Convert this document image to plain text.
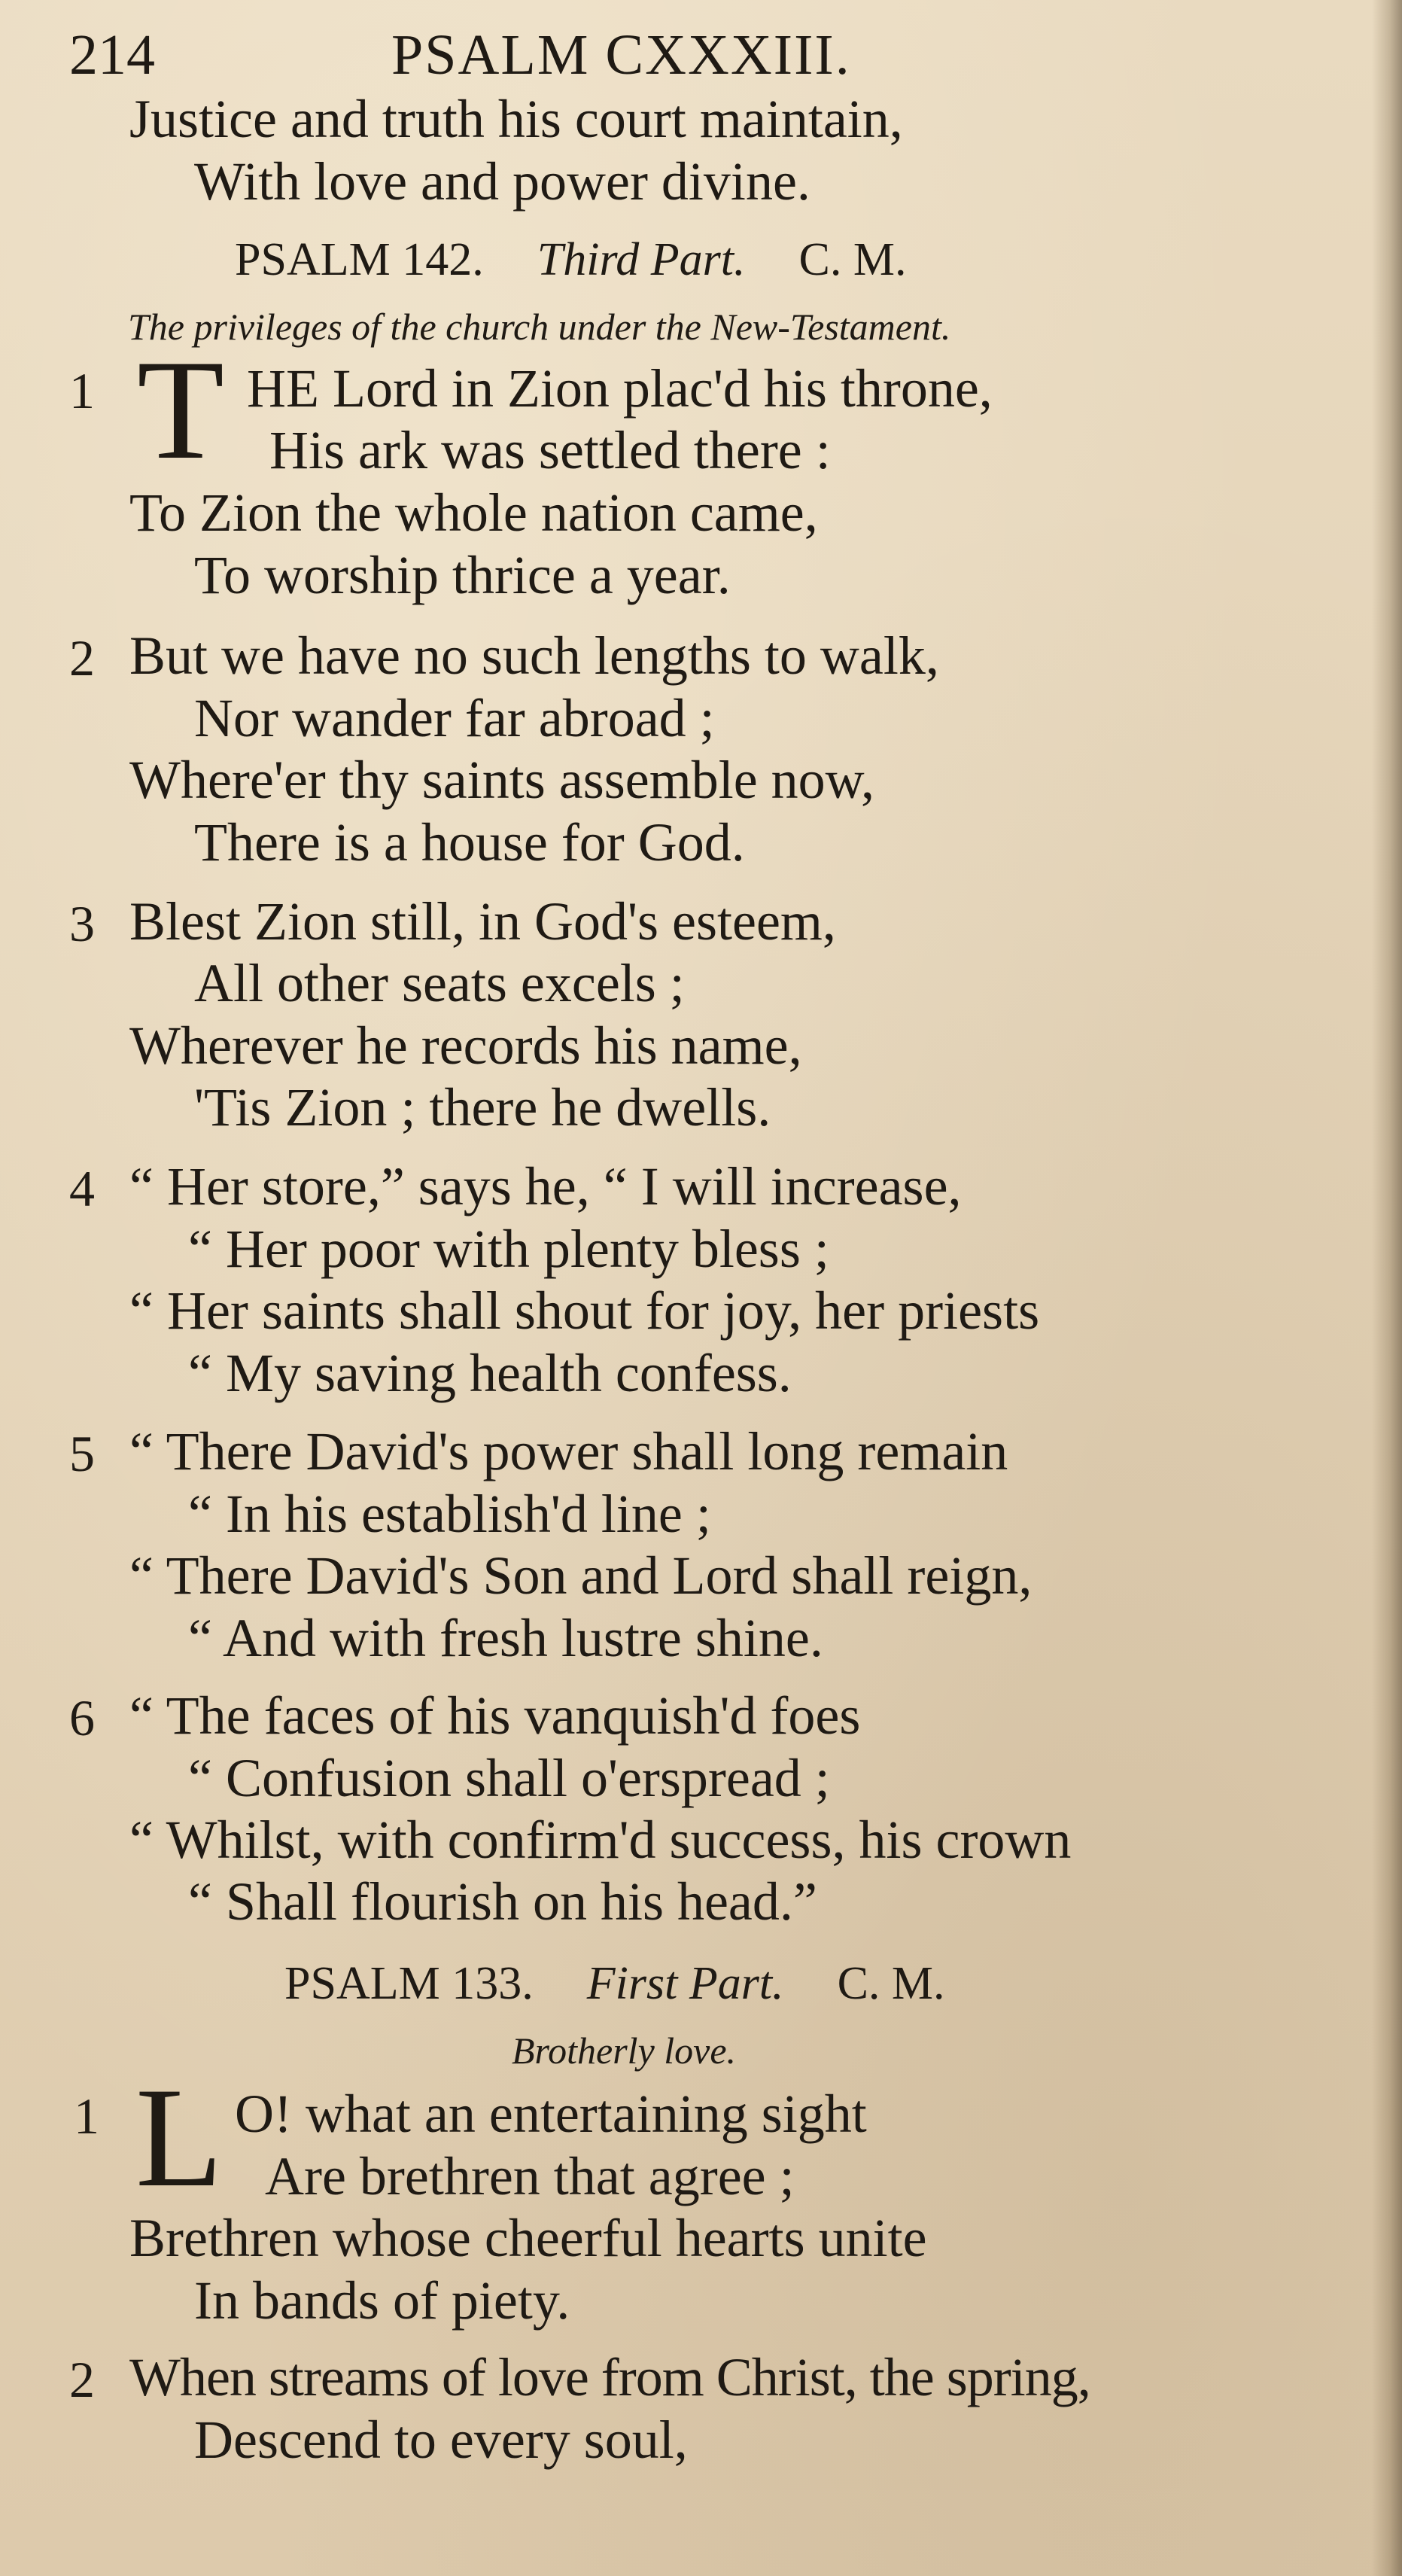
214	PSALM CXXXIII.
Justice and truth his court maintain,
With love and power divine.
PSALM 142. Third Part. C. M.
The privileges of the church under the New-Testament.
1 T HE Lord in Zion plac'd his throne,
His ark was settled there :
To Zion the whole nation came,
To worship thrice a year.
2 But we have no such lengths to walk,
Nor wander far abroad ;
Where'er thy saints assemble now,
There is a house for God.
3 Blest Zion still, in God's esteem,
All other seats excels ;
Wherever he records his name,
'Tis Zion ; there he dwells.
4 “ Her store,” says he, “ I will increase,
“ Her poor with plenty bless ;
“ Her saints shall shout for joy, her priests
“ My saving health confess.
5 “ There David's power shall long remain
“ In his establish'd line ;
“ There David's Son and Lord shall reign,
“ And with fresh lustre shine.
6 “ The faces of his vanquish'd foes
“ Confusion shall o'erspread ;
“ Whilst, with confirm'd success, his crown
“ Shall flourish on his head.”
PSALM 133. First Part. C. M.
Brotherly love.
1 L O! what an entertaining sight
Are brethren that agree ;
Brethren whose cheerful hearts unite
In bands of piety.
2 When streams of love from Christ, the spring,
Descend to every soul,
